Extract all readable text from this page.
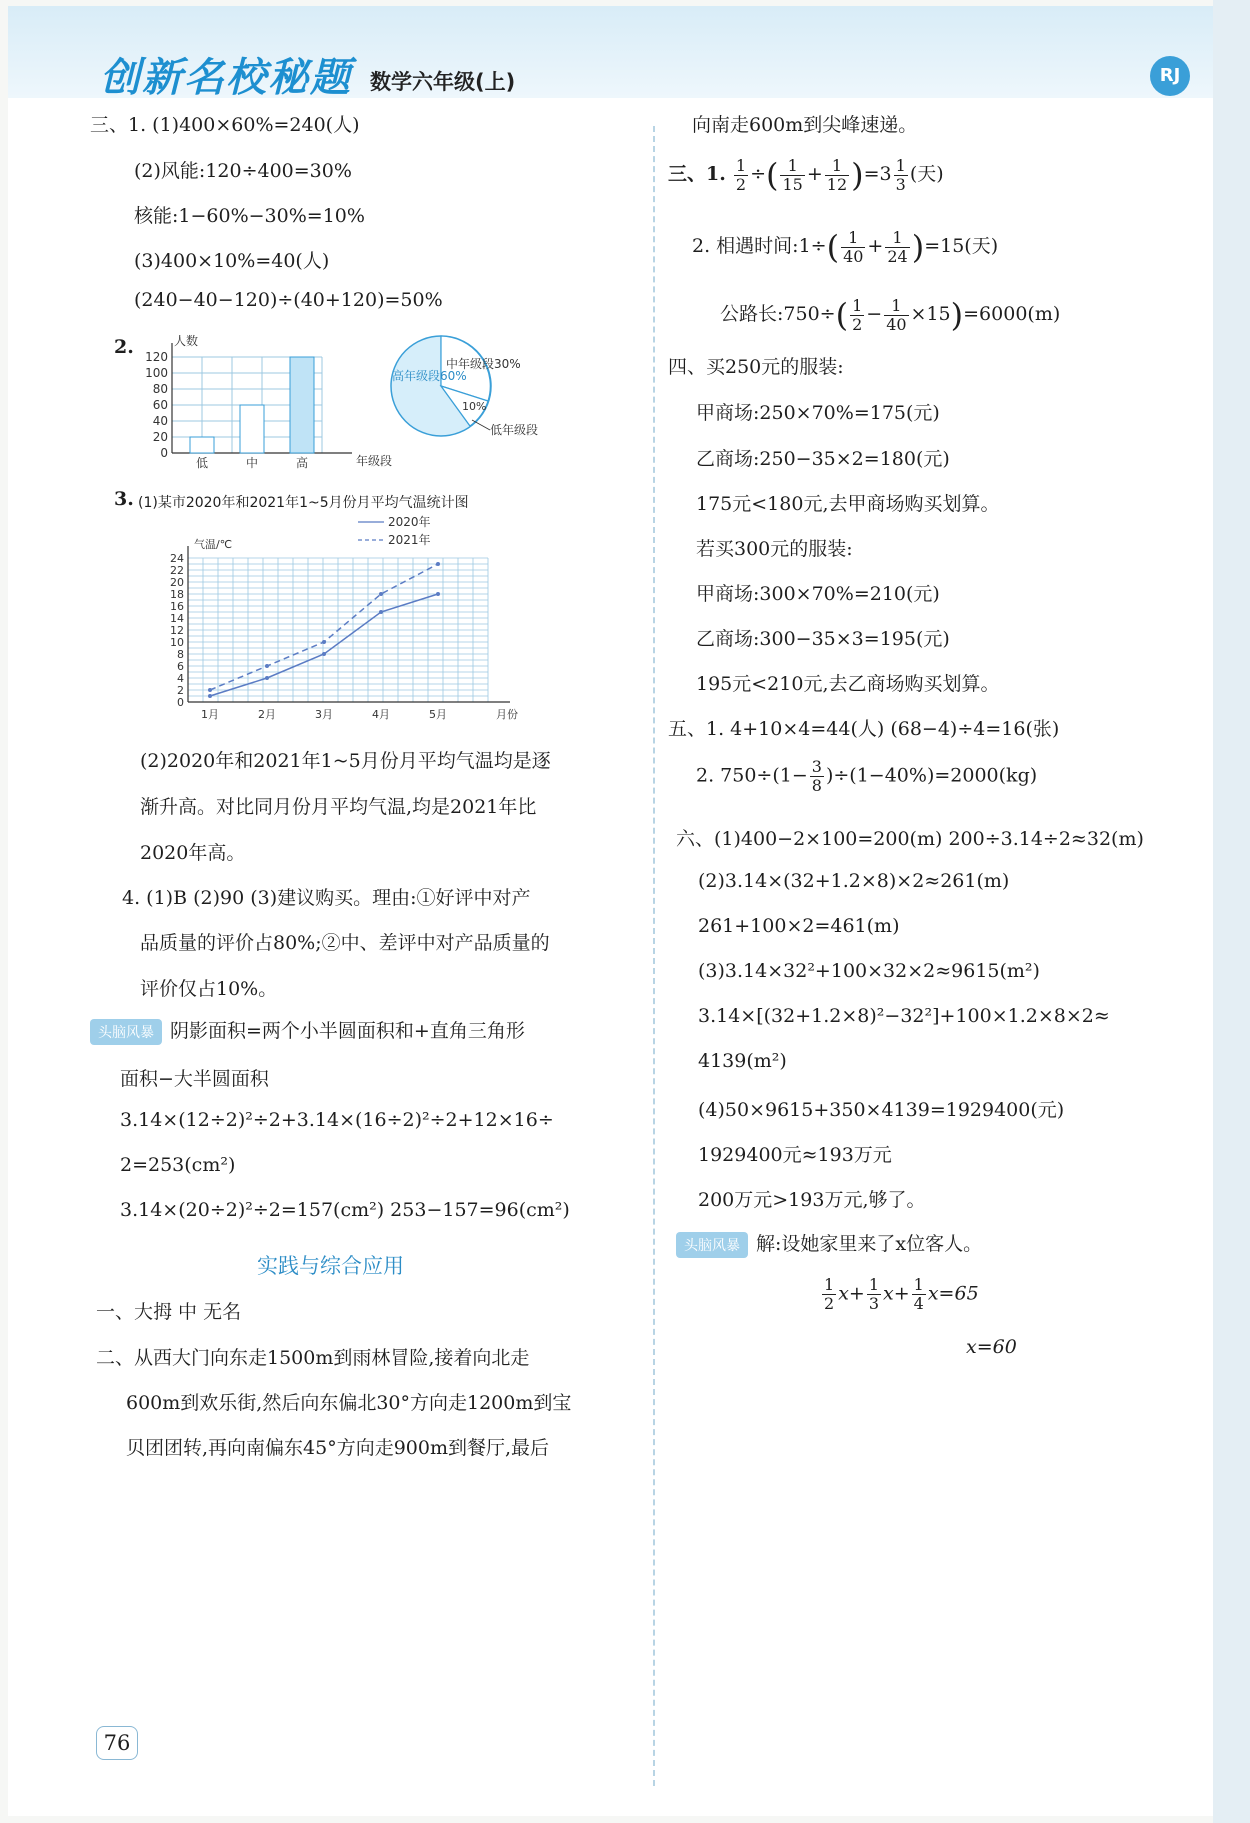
创新名校秘题 数学六年级(上)	RJ
三、1. (1)400×60%=240(人)
(2)风能:120÷400=30%
核能:1−60%−30%=10%
(3)400×10%=40(人)
(240−40−120)÷(40+120)=50%
2.
0
20
40
60
80
100
120
人数
年级段
低	中	高
高年级段60%
中年级段30%
10%
低年级段
3. (1)某市2020年和2021年1~5月份月平均气温统计图
气温/℃
月份
0
2
4
6
8
10
12
14
16
18
20
22
24
1月	2月	3月	4月	5月
2020年
2021年
(2)2020年和2021年1~5月份月平均气温均是逐
渐升高。对比同月份月平均气温,均是2021年比
2020年高。
4. (1)B (2)90 (3)建议购买。理由:①好评中对产
品质量的评价占80%;②中、差评中对产品质量的
评价仅占10%。
头脑风暴 阴影面积=两个小半圆面积和+直角三角形
面积−大半圆面积
3.14×(12÷2)²÷2+3.14×(16÷2)²÷2+12×16÷
2=253(cm²)
3.14×(20÷2)²÷2=157(cm²) 253−157=96(cm²)
实践与综合应用
一、大拇 中 无名
二、从西大门向东走1500m到雨林冒险,接着向北走
600m到欢乐街,然后向东偏北30°方向走1200m到宝
贝团团转,再向南偏东45°方向走900m到餐厅,最后
76
向南走600m到尖峰速递。
三、1. $\frac{1}{2}$ ÷( $\frac{1}{15} + \frac{1}{12} )=3 \frac{1}{3}$ (天)
2. 相遇时间:1÷( $\frac{1}{40} + \frac{1}{24} )=15$(天)
公路长:750÷( $\frac{1}{2} - \frac{1}{40} \times 15)=6000(m)$
四、买250元的服装:
甲商场:250×70%=175(元)
乙商场:250−35×2=180(元)
175元<180元,去甲商场购买划算。
若买300元的服装:
甲商场:300×70%=210(元)
乙商场:300−35×3=195(元)
195元<210元,去乙商场购买划算。
五、1. 4+10×4=44(人) (68−4)÷4=16(张)
2. $750\div(1- \frac{3}{8} )\div(1-40\%)=2000(kg)$
六、(1)400−2×100=200(m) 200÷3.14÷2≈32(m)
(2)3.14×(32+1.2×8)×2≈261(m)
261+100×2=461(m)
(3)3.14×32²+100×32×2≈9615(m²)
3.14×[(32+1.2×8)²−32²]+100×1.2×8×2≈
4139(m²)
(4)50×9615+350×4139=1929400(元)
1929400元≈193万元
200万元>193万元,够了。
头脑风暴 解:设她家里来了x位客人。
$\frac{1}{2} x+ \frac{1}{3} x+ \frac{1}{4} x=65$
x=60
